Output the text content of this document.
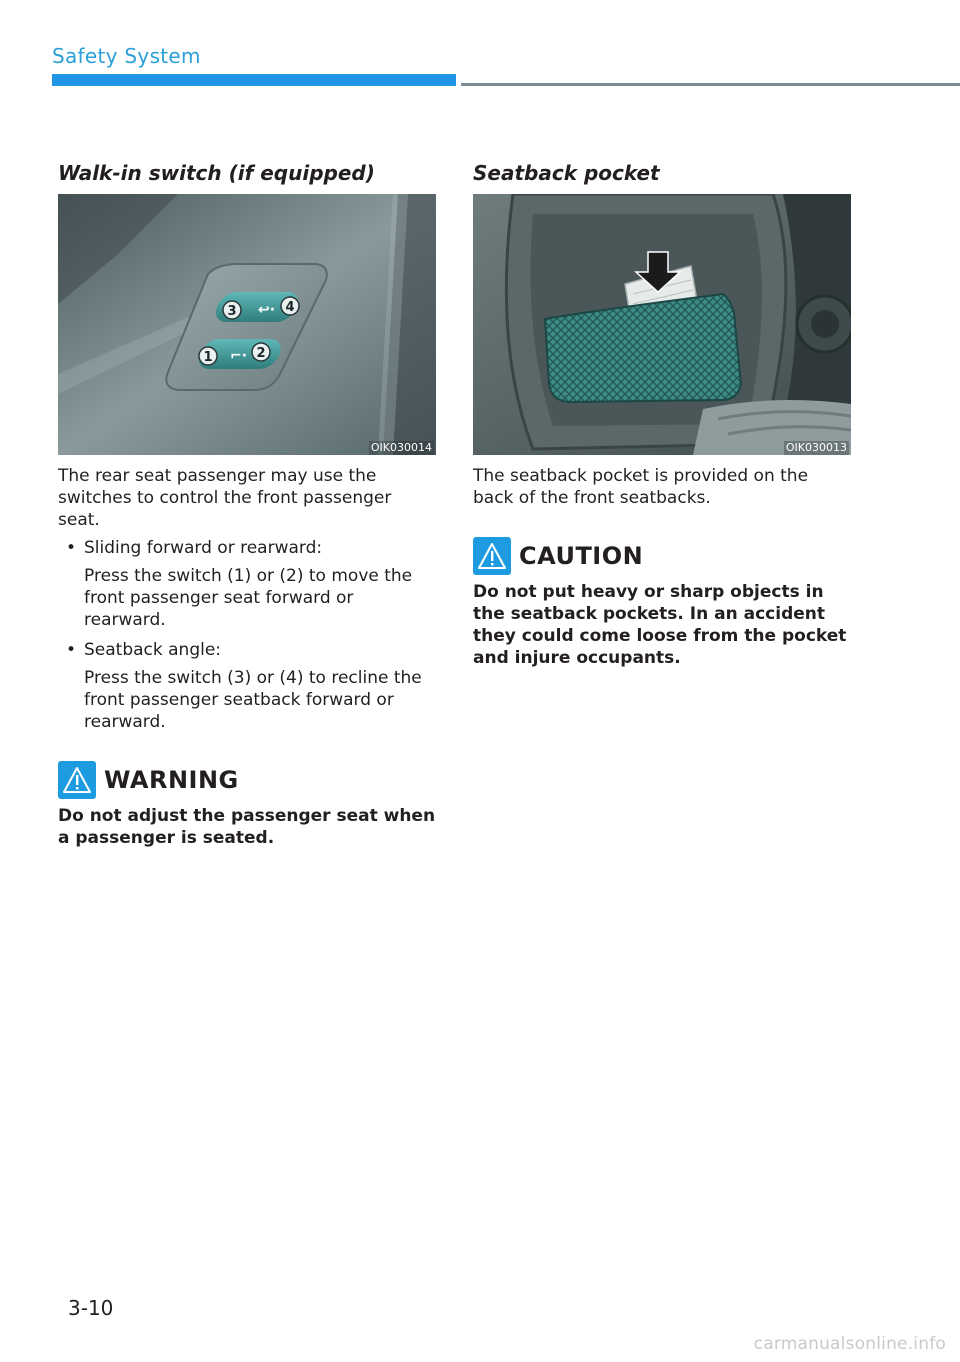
Safety System
Walk-in switch (if equipped)
↩·
⌐·
3	4
1	2
OIK030014

The rear seat passenger may use the switches to control the front passenger seat.

• Sliding forward or rearward:
Press the switch (1) or (2) to move the front passenger seat forward or rearward.
• Seatback angle:
Press the switch (3) or (4) to recline the front passenger seatback forward or rearward.
WARNING
Do not adjust the passenger seat when a passenger is seated.
Seatback pocket
OIK030013

The seatback pocket is provided on the back of the front seatbacks.

CAUTION
Do not put heavy or sharp objects in the seatback pockets. In an accident they could come loose from the pocket and injure occupants.
3-10
carmanualsonline.info
